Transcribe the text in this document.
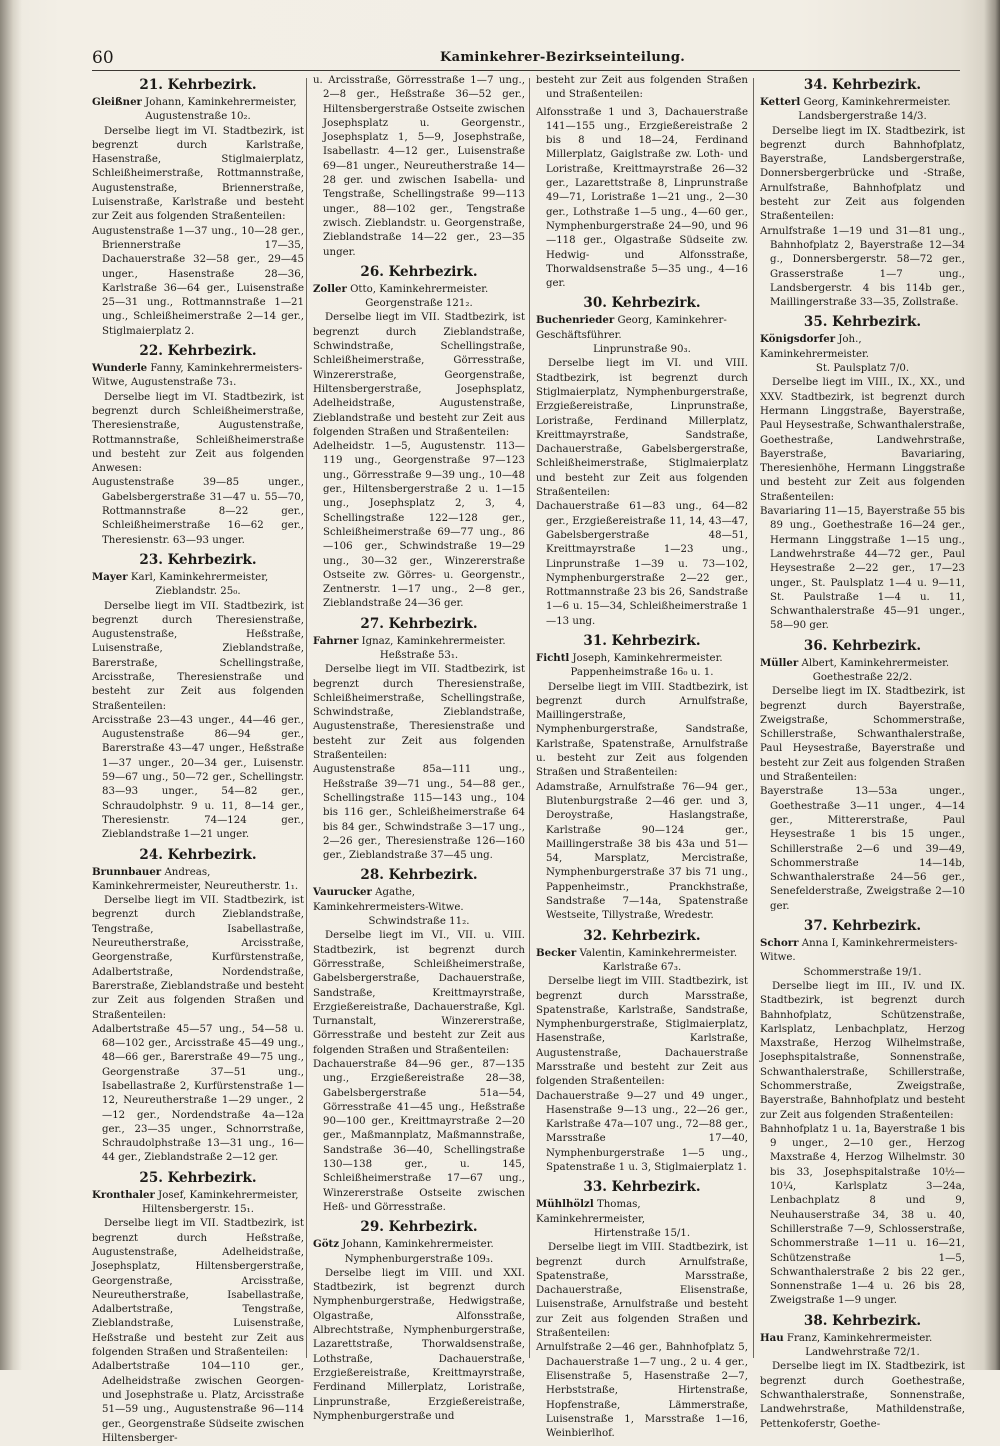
60	Kaminkehrer-Bezirkseinteilung.
21. Kehrbezirk.
Gleißner Johann, Kaminkehrermeister,
Augustenstraße 10₂.
Derselbe liegt im VI. Stadtbezirk, ist begrenzt durch Karlstraße, Hasenstraße, Stiglmaierplatz, Schleißheimerstraße, Rottmannstraße, Augustenstraße, Briennerstraße, Luisenstraße, Karlstraße und besteht zur Zeit aus folgenden Straßenteilen:
Augustenstraße 1—37 ung., 10—28 ger., Briennerstraße 17—35, Dachauerstraße 32—58 ger., 29—45 unger., Hasenstraße 28—36, Karlstraße 36—64 ger., Luisenstraße 25—31 ung., Rottmannstraße 1—21 ung., Schleißheimerstraße 2—14 ger., Stiglmaierplatz 2.
22. Kehrbezirk.
Wunderle Fanny, Kaminkehrermeisters-Witwe, Augustenstraße 73₁.
Derselbe liegt im VI. Stadtbezirk, ist begrenzt durch Schleißheimerstraße, Theresienstraße, Augustenstraße, Rottmannstraße, Schleißheimerstraße und besteht zur Zeit aus folgenden Anwesen:
Augustenstraße 39—85 unger., Gabelsbergerstraße 31—47 u. 55—70, Rottmannstraße 8—22 ger., Schleißheimerstraße 16—62 ger., Theresienstr. 63—93 unger.
23. Kehrbezirk.
Mayer Karl, Kaminkehrermeister,
Zieblandstr. 25₀.
Derselbe liegt im VII. Stadtbezirk, ist begrenzt durch Theresienstraße, Augustenstraße, Heßstraße, Luisenstraße, Zieblandstraße, Barerstraße, Schellingstraße, Arcisstraße, Theresienstraße und besteht zur Zeit aus folgenden Straßenteilen:
Arcisstraße 23—43 unger., 44—46 ger., Augustenstraße 86—94 ger., Barerstraße 43—47 unger., Heßstraße 1—37 unger., 20—34 ger., Luisenstr. 59—67 ung., 50—72 ger., Schellingstr. 83—93 unger., 54—82 ger., Schraudolphstr. 9 u. 11, 8—14 ger., Theresienstr. 74—124 ger., Zieblandstraße 1—21 unger.
24. Kehrbezirk.
Brunnbauer Andreas, Kaminkehrermeister, Neureutherstr. 1₁.
Derselbe liegt im VII. Stadtbezirk, ist begrenzt durch Zieblandstraße, Tengstraße, Isabellastraße, Neureutherstraße, Arcisstraße, Georgenstraße, Kurfürstenstraße, Adalbertstraße, Nordendstraße, Barerstraße, Zieblandstraße und besteht zur Zeit aus folgenden Straßen und Straßenteilen:
Adalbertstraße 45—57 ung., 54—58 u. 68—102 ger., Arcisstraße 45—49 ung., 48—66 ger., Barerstraße 49—75 ung., Georgenstraße 37—51 ung., Isabellastraße 2, Kurfürstenstraße 1—12, Neureutherstraße 1—29 unger., 2—12 ger., Nordendstraße 4a—12a ger., 23—35 unger., Schnorrstraße, Schraudolphstraße 13—31 ung., 16—44 ger., Zieblandstraße 2—12 ger.
25. Kehrbezirk.
Kronthaler Josef, Kaminkehrermeister,
Hiltensbergerstr. 15₁.
Derselbe liegt im VII. Stadtbezirk, ist begrenzt durch Heßstraße, Augustenstraße, Adelheidstraße, Josephsplatz, Hiltensbergerstraße, Georgenstraße, Arcisstraße, Neureutherstraße, Isabellastraße, Adalbertstraße, Tengstraße, Zieblandstraße, Luisenstraße, Heßstraße und besteht zur Zeit aus folgenden Straßen und Straßenteilen:
Adalbertstraße 104—110 ger., Adelheidstraße zwischen Georgen- und Josephstraße u. Platz, Arcisstraße 51—59 ung., Augustenstraße 96—114 ger., Georgenstraße Südseite zwischen Hiltensberger-
u. Arcisstraße, Görresstraße 1—7 ung., 2—8 ger., Heßstraße 36—52 ger., Hiltensbergerstraße Ostseite zwischen Josephsplatz u. Georgenstr., Josephsplatz 1, 5—9, Josephstraße, Isabellastr. 4—12 ger., Luisenstraße 69—81 unger., Neureutherstraße 14—28 ger. und zwischen Isabella- und Tengstraße, Schellingstraße 99—113 unger., 88—102 ger., Tengstraße zwisch. Zieblandstr. u. Georgenstraße, Zieblandstraße 14—22 ger., 23—35 unger.
26. Kehrbezirk.
Zoller Otto, Kaminkehrermeister.
Georgenstraße 121₂.
Derselbe liegt im VII. Stadtbezirk, ist begrenzt durch Zieblandstraße, Schwindstraße, Schellingstraße, Schleißheimerstraße, Görresstraße, Winzererstraße, Georgenstraße, Hiltensbergerstraße, Josephsplatz, Adelheidstraße, Augustenstraße, Zieblandstraße und besteht zur Zeit aus folgenden Straßen und Straßenteilen:
Adelheidstr. 1—5, Augustenstr. 113—119 ung., Georgenstraße 97—123 ung., Görresstraße 9—39 ung., 10—48 ger., Hiltensbergerstraße 2 u. 1—15 ung., Josephsplatz 2, 3, 4, Schellingstraße 122—128 ger., Schleißheimerstraße 69—77 ung., 86—106 ger., Schwindstraße 19—29 ung., 30—32 ger., Winzererstraße Ostseite zw. Görres- u. Georgenstr., Zentnerstr. 1—17 ung., 2—8 ger., Zieblandstraße 24—36 ger.
27. Kehrbezirk.
Fahrner Ignaz, Kaminkehrermeister.
Heßstraße 53₁.
Derselbe liegt im VII. Stadtbezirk, ist begrenzt durch Theresienstraße, Schleißheimerstraße, Schellingstraße, Schwindstraße, Zieblandstraße, Augustenstraße, Theresienstraße und besteht zur Zeit aus folgenden Straßenteilen:
Augustenstraße 85a—111 ung., Heßstraße 39—71 ung., 54—88 ger., Schellingstraße 115—143 ung., 104 bis 116 ger., Schleißheimerstraße 64 bis 84 ger., Schwindstraße 3—17 ung., 2—26 ger., Theresienstraße 126—160 ger., Zieblandstraße 37—45 ung.
28. Kehrbezirk.
Vaurucker Agathe, Kaminkehrermeisters-Witwe.
Schwindstraße 11₂.
Derselbe liegt im VI., VII. u. VIII. Stadtbezirk, ist begrenzt durch Görresstraße, Schleißheimerstraße, Gabelsbergerstraße, Dachauerstraße, Sandstraße, Kreittmayrstraße, Erzgießereistraße, Dachauerstraße, Kgl. Turnanstalt, Winzererstraße, Görresstraße und besteht zur Zeit aus folgenden Straßen und Straßenteilen:
Dachauerstraße 84—96 ger., 87—135 ung., Erzgießereistraße 28—38, Gabelsbergerstraße 51a—54, Görresstraße 41—45 ung., Heßstraße 90—100 ger., Kreittmayrstraße 2—20 ger., Maßmannplatz, Maßmannstraße, Sandstraße 36—40, Schellingstraße 130—138 ger., u. 145, Schleißheimerstraße 17—67 ung., Winzererstraße Ostseite zwischen Heß- und Görresstraße.
29. Kehrbezirk.
Götz Johann, Kaminkehrermeister.
Nymphenburgerstraße 109₃.
Derselbe liegt im VIII. und XXI. Stadtbezirk, ist begrenzt durch Nymphenburgerstraße, Hedwigstraße, Olgastraße, Alfonsstraße, Albrechtstraße, Nymphenburgerstraße, Lazarettstraße, Thorwaldsenstraße, Lothstraße, Dachauerstraße, Erzgießereistraße, Kreittmayrstraße, Ferdinand Millerplatz, Loristraße, Linprunstraße, Erzgießereistraße, Nymphenburgerstraße und
besteht zur Zeit aus folgenden Straßen und Straßenteilen:
Alfonsstraße 1 und 3, Dachauerstraße 141—155 ung., Erzgießereistraße 2 bis 8 und 18—24, Ferdinand Millerplatz, Gaiglstraße zw. Loth- und Loristraße, Kreittmayrstraße 26—32 ger., Lazarettstraße 8, Linprunstraße 49—71, Loristraße 1—21 ung., 2—30 ger., Lothstraße 1—5 ung., 4—60 ger., Nymphenburgerstraße 24—90, und 96—118 ger., Olgastraße Südseite zw. Hedwig- und Alfonsstraße, Thorwaldsenstraße 5—35 ung., 4—16 ger.
30. Kehrbezirk.
Buchenrieder Georg, Kaminkehrer-Geschäftsführer.
Linprunstraße 90₃.
Derselbe liegt im VI. und VIII. Stadtbezirk, ist begrenzt durch Stiglmaierplatz, Nymphenburgerstraße, Erzgießereistraße, Linprunstraße, Loristraße, Ferdinand Millerplatz, Kreittmayrstraße, Sandstraße, Dachauerstraße, Gabelsbergerstraße, Schleißheimerstraße, Stiglmaierplatz und besteht zur Zeit aus folgenden Straßenteilen:
Dachauerstraße 61—83 ung., 64—82 ger., Erzgießereistraße 11, 14, 43—47, Gabelsbergerstraße 48—51, Kreittmayrstraße 1—23 ung., Linprunstraße 1—39 u. 73—102, Nymphenburgerstraße 2—22 ger., Rottmannstraße 23 bis 26, Sandstraße 1—6 u. 15—34, Schleißheimerstraße 1—13 ung.
31. Kehrbezirk.
Fichtl Joseph, Kaminkehrermeister.
Pappenheimstraße 16₀ u. 1.
Derselbe liegt im VIII. Stadtbezirk, ist begrenzt durch Arnulfstraße, Maillingerstraße, Nymphenburgerstraße, Sandstraße, Karlstraße, Spatenstraße, Arnulfstraße u. besteht zur Zeit aus folgenden Straßen und Straßenteilen:
Adamstraße, Arnulfstraße 76—94 ger., Blutenburgstraße 2—46 ger. und 3, Deroystraße, Haslangstraße, Karlstraße 90—124 ger., Maillingerstraße 38 bis 43a und 51—54, Marsplatz, Mercistraße, Nymphenburgerstraße 37 bis 71 ung., Pappenheimstr., Pranckhstraße, Sandstraße 7—14a, Spatenstraße Westseite, Tillystraße, Wredestr.
32. Kehrbezirk.
Becker Valentin, Kaminkehrermeister.
Karlstraße 67₃.
Derselbe liegt im VIII. Stadtbezirk, ist begrenzt durch Marsstraße, Spatenstraße, Karlstraße, Sandstraße, Nymphenburgerstraße, Stiglmaierplatz, Hasenstraße, Karlstraße, Augustenstraße, Dachauerstraße Marsstraße und besteht zur Zeit aus folgenden Straßenteilen:
Dachauerstraße 9—27 und 49 unger., Hasenstraße 9—13 ung., 22—26 ger., Karlstraße 47a—107 ung., 72—88 ger., Marsstraße 17—40, Nymphenburgerstraße 1—5 ung., Spatenstraße 1 u. 3, Stiglmaierplatz 1.
33. Kehrbezirk.
Mühlhölzl Thomas, Kaminkehrermeister,
Hirtenstraße 15/1.
Derselbe liegt im VIII. Stadtbezirk, ist begrenzt durch Arnulfstraße, Spatenstraße, Marsstraße, Dachauerstraße, Elisenstraße, Luisenstraße, Arnulfstraße und besteht zur Zeit aus folgenden Straßen und Straßenteilen:
Arnulfstraße 2—46 ger., Bahnhofplatz 5, Dachauerstraße 1—7 ung., 2 u. 4 ger., Elisenstraße 5, Hasenstraße 2—7, Herbststraße, Hirtenstraße, Hopfenstraße, Lämmerstraße, Luisenstraße 1, Marsstraße 1—16, Weinbierlhof.
34. Kehrbezirk.
Ketterl Georg, Kaminkehrermeister.
Landsbergerstraße 14/3.
Derselbe liegt im IX. Stadtbezirk, ist begrenzt durch Bahnhofplatz, Bayerstraße, Landsbergerstraße, Donnersbergerbrücke und -Straße, Arnulfstraße, Bahnhofplatz und besteht zur Zeit aus folgenden Straßenteilen:
Arnulfstraße 1—19 und 31—81 ung., Bahnhofplatz 2, Bayerstraße 12—34 g., Donnersbergerstr. 58—72 ger., Grasserstraße 1—7 ung., Landsbergerstr. 4 bis 114b ger., Maillingerstraße 33—35, Zollstraße.
35. Kehrbezirk.
Königsdorfer Joh., Kaminkehrermeister.
St. Paulsplatz 7/0.
Derselbe liegt im VIII., IX., XX., und XXV. Stadtbezirk, ist begrenzt durch Hermann Linggstraße, Bayerstraße, Paul Heysestraße, Schwanthalerstraße, Goethestraße, Landwehrstraße, Bayerstraße, Bavariaring, Theresienhöhe, Hermann Linggstraße und besteht zur Zeit aus folgenden Straßenteilen:
Bavariaring 11—15, Bayerstraße 55 bis 89 ung., Goethestraße 16—24 ger., Hermann Linggstraße 1—15 ung., Landwehrstraße 44—72 ger., Paul Heysestraße 2—22 ger., 17—23 unger., St. Paulsplatz 1—4 u. 9—11, St. Paulstraße 1—4 u. 11, Schwanthalerstraße 45—91 unger., 58—90 ger.
36. Kehrbezirk.
Müller Albert, Kaminkehrermeister.
Goethestraße 22/2.
Derselbe liegt im IX. Stadtbezirk, ist begrenzt durch Bayerstraße, Zweigstraße, Schommerstraße, Schillerstraße, Schwanthalerstraße, Paul Heysestraße, Bayerstraße und besteht zur Zeit aus folgenden Straßen und Straßenteilen:
Bayerstraße 13—53a unger., Goethestraße 3—11 unger., 4—14 ger., Mittererstraße, Paul Heysestraße 1 bis 15 unger., Schillerstraße 2—6 und 39—49, Schommerstraße 14—14b, Schwanthalerstraße 24—56 ger., Senefelderstraße, Zweigstraße 2—10 ger.
37. Kehrbezirk.
Schorr Anna I, Kaminkehrermeisters-Witwe.
Schommerstraße 19/1.
Derselbe liegt im III., IV. und IX. Stadtbezirk, ist begrenzt durch Bahnhofplatz, Schützenstraße, Karlsplatz, Lenbachplatz, Herzog Maxstraße, Herzog Wilhelmstraße, Josephspitalstraße, Sonnenstraße, Schwanthalerstraße, Schillerstraße, Schommerstraße, Zweigstraße, Bayerstraße, Bahnhofplatz und besteht zur Zeit aus folgenden Straßenteilen:
Bahnhofplatz 1 u. 1a, Bayerstraße 1 bis 9 unger., 2—10 ger., Herzog Maxstraße 4, Herzog Wilhelmstr. 30 bis 33, Josephspitalstraße 10½—10¼, Karlsplatz 3—24a, Lenbachplatz 8 und 9, Neuhauserstraße 34, 38 u. 40, Schillerstraße 7—9, Schlosserstraße, Schommerstraße 1—11 u. 16—21, Schützenstraße 1—5, Schwanthalerstraße 2 bis 22 ger., Sonnenstraße 1—4 u. 26 bis 28, Zweigstraße 1—9 unger.
38. Kehrbezirk.
Hau Franz, Kaminkehrermeister.
Landwehrstraße 72/1.
Derselbe liegt im IX. Stadtbezirk, ist begrenzt durch Goethestraße, Schwanthalerstraße, Sonnenstraße, Landwehrstraße, Mathildenstraße, Pettenkoferstr, Goethe-
